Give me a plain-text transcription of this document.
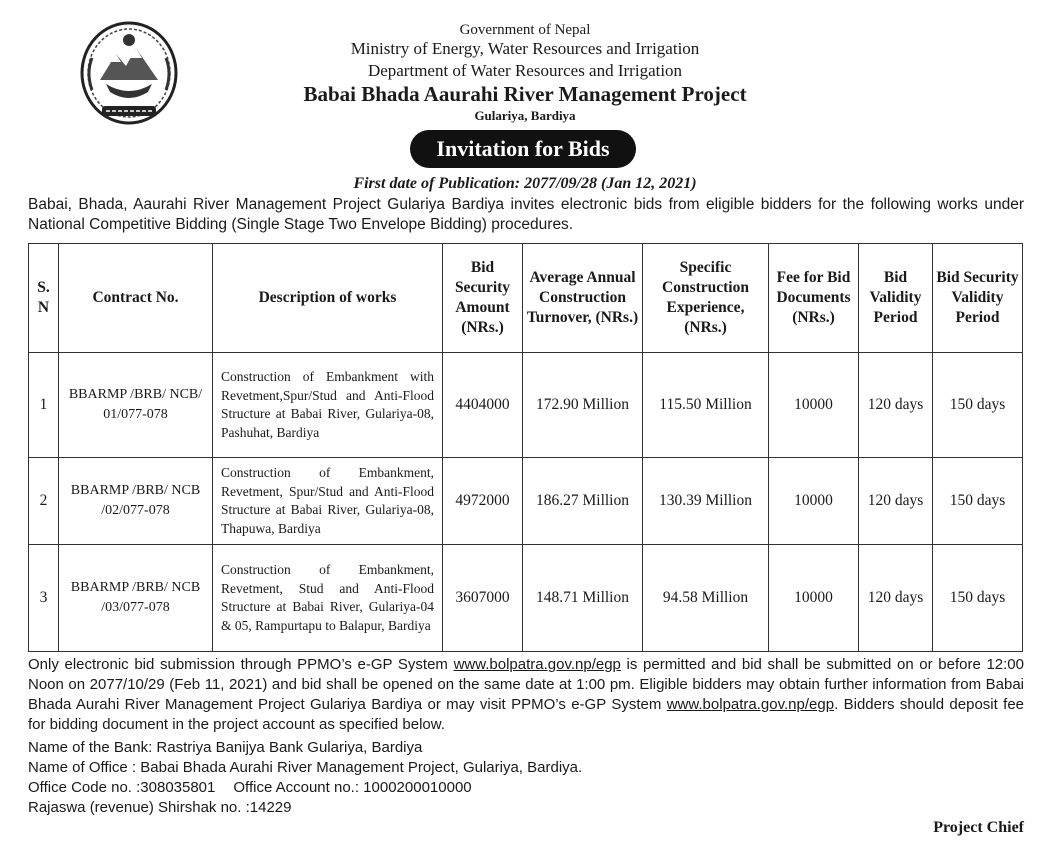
Government of Nepal
Ministry of Energy, Water Resources and Irrigation
Department of Water Resources and Irrigation
Babai Bhada Aaurahi River Management Project
Gulariya, Bardiya
Invitation for Bids
First date of Publication: 2077/09/28 (Jan 12, 2021)
Babai, Bhada, Aaurahi River Management Project Gulariya Bardiya invites electronic bids from eligible bidders for the following works under National Competitive Bidding (Single Stage Two Envelope Bidding) procedures.
S. N	Contract No.	Description of works	Bid Security Amount (NRs.)	Average Annual Construction Turnover, (NRs.)	Specific Construction Experience, (NRs.)	Fee for Bid Documents (NRs.)	Bid Validity Period	Bid Security Validity Period
1	BBARMP /BRB/ NCB/ 01/077-078	Construction of Embankment with Revetment,Spur/Stud and Anti-Flood Structure at Babai River, Gulariya-08, Pashuhat, Bardiya	4404000	172.90 Million	115.50 Million	10000	120 days	150 days
2	BBARMP /BRB/ NCB /02/077-078	Construction of Embankment, Revetment, Spur/Stud and Anti-Flood Structure at Babai River, Gulariya-08, Thapuwa, Bardiya	4972000	186.27 Million	130.39 Million	10000	120 days	150 days
3	BBARMP /BRB/ NCB /03/077-078	Construction of Embankment, Revetment, Stud and Anti-Flood Structure at Babai River, Gulariya-04 & 05, Rampurtapu to Balapur, Bardiya	3607000	148.71 Million	94.58 Million	10000	120 days	150 days
Only electronic bid submission through PPMO’s e-GP System www.bolpatra.gov.np/egp is permitted and bid shall be submitted on or before 12:00 Noon on 2077/10/29 (Feb 11, 2021) and bid shall be opened on the same date at 1:00 pm. Eligible bidders may obtain further information from Babai Bhada Aurahi River Management Project Gulariya Bardiya or may visit PPMO’s e-GP System www.bolpatra.gov.np/egp. Bidders should deposit fee for bidding document in the project account as specified below.
Name of the Bank: Rastriya Banijya Bank Gulariya, Bardiya
Name of Office : Babai Bhada Aurahi River Management Project, Gulariya, Bardiya.
Office Code no. :308035801 Office Account no.: 1000200010000
Rajaswa (revenue) Shirshak no. :14229
Project Chief
